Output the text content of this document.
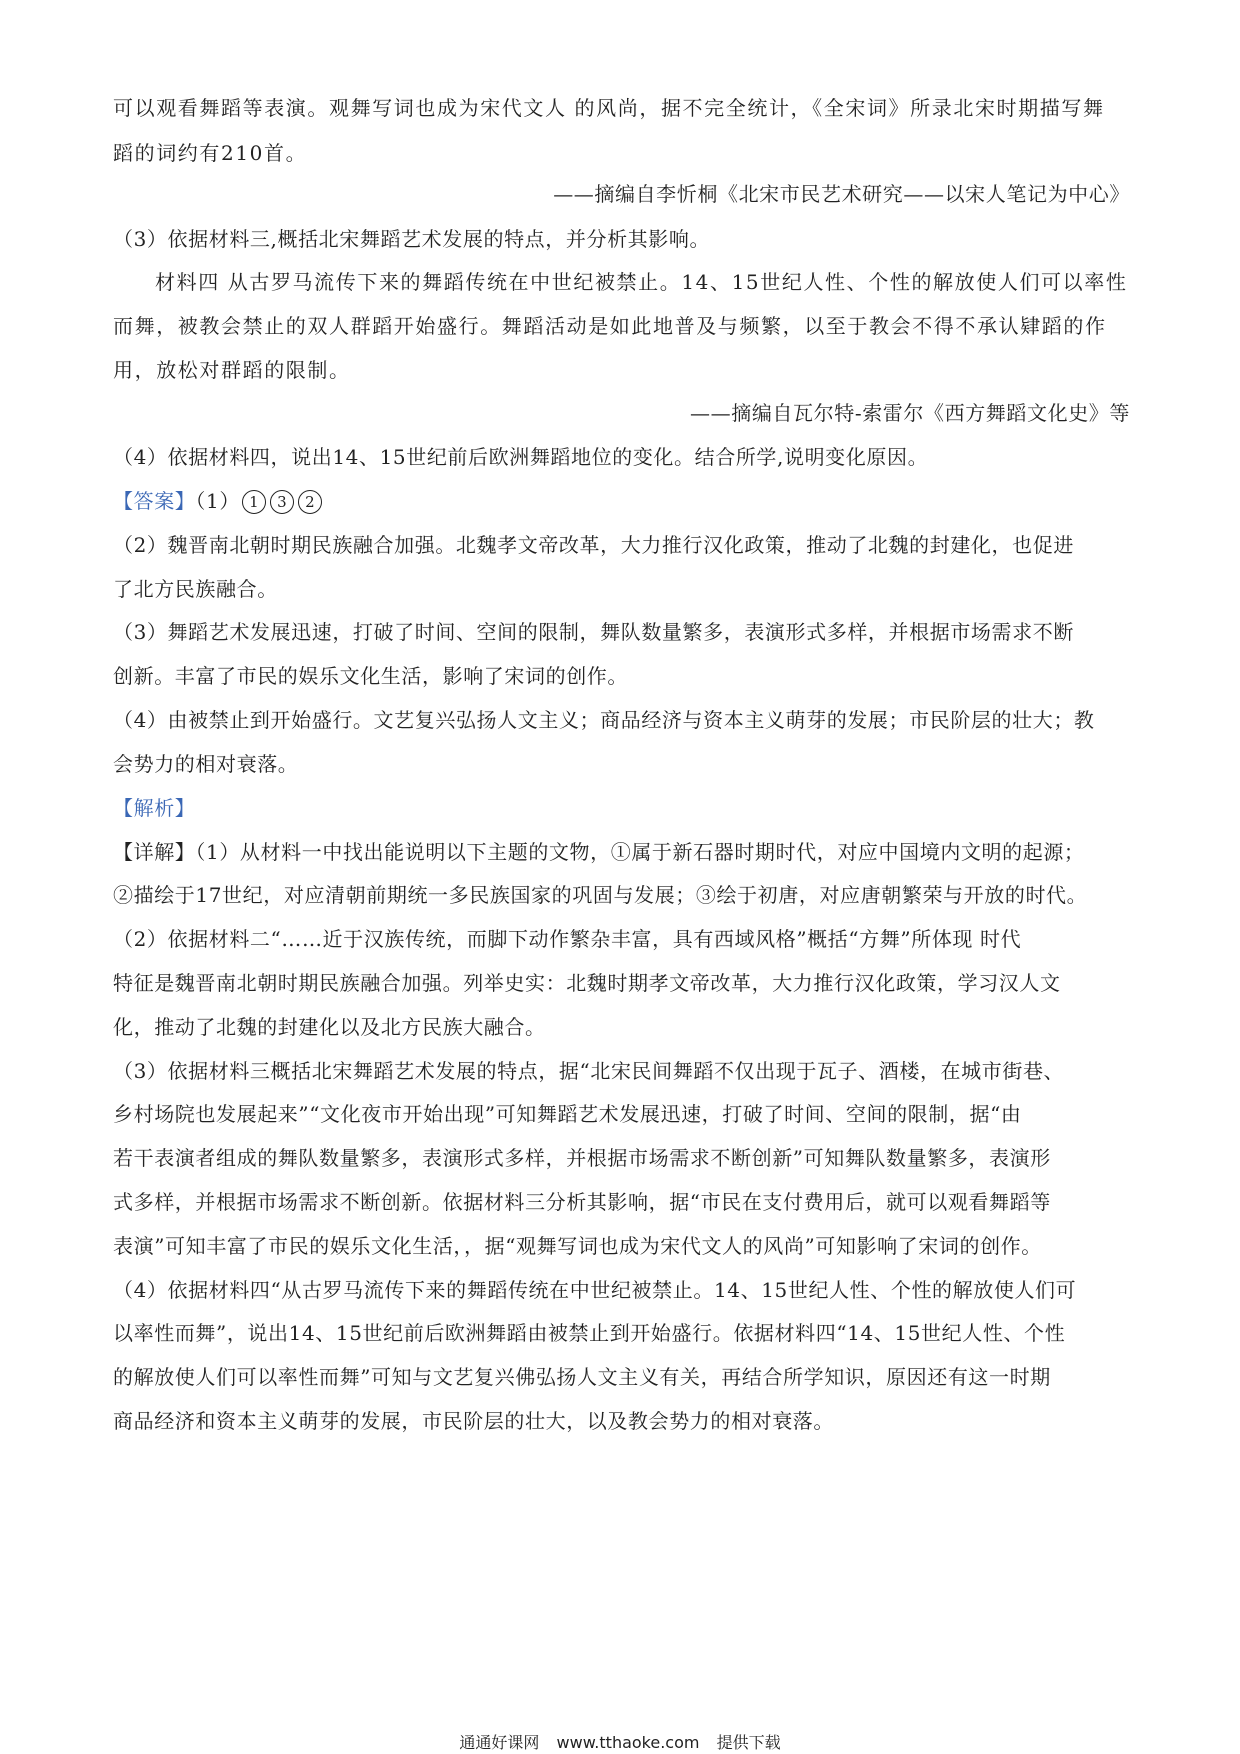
可以观看舞蹈等表演。观舞写词也成为宋代文人 的风尚，据不完全统计，《全宋词》所录北宋时期描写舞
蹈的词约有210首。
——摘编自李忻桐《北宋市民艺术研究——以宋人笔记为中心》
（3）依据材料三,概括北宋舞蹈艺术发展的特点，并分析其影响。
材料四 从古罗马流传下来的舞蹈传统在中世纪被禁止。14、15世纪人性、个性的解放使人们可以率性
而舞，被教会禁止的双人群蹈开始盛行。舞蹈活动是如此地普及与频繁，以至于教会不得不承认肄蹈的作
用，放松对群蹈的限制。
——摘编自瓦尔特-索雷尔《西方舞蹈文化史》等
（4）依据材料四，说出14、15世纪前后欧洲舞蹈地位的变化。结合所学,说明变化原因。
【答案】（1） 1 3 2
（2）魏晋南北朝时期民族融合加强。北魏孝文帝改革，大力推行汉化政策，推动了北魏的封建化，也促进
了北方民族融合。
（3）舞蹈艺术发展迅速，打破了时间、空间的限制，舞队数量繁多，表演形式多样，并根据市场需求不断
创新。丰富了市民的娱乐文化生活，影响了宋词的创作。
（4）由被禁止到开始盛行。文艺复兴弘扬人文主义；商品经济与资本主义萌芽的发展；市民阶层的壮大；教
会势力的相对衰落。
【解析】
【详解】（1）从材料一中找出能说明以下主题的文物，①属于新石器时期时代，对应中国境内文明的起源；
②描绘于17世纪，对应清朝前期统一多民族国家的巩固与发展；③绘于初唐，对应唐朝繁荣与开放的时代。
（2）依据材料二“……近于汉族传统，而脚下动作繁杂丰富，具有西域风格”概括“方舞”所体现 时代
特征是魏晋南北朝时期民族融合加强。列举史实：北魏时期孝文帝改革，大力推行汉化政策，学习汉人文
化，推动了北魏的封建化以及北方民族大融合。
（3）依据材料三概括北宋舞蹈艺术发展的特点，据“北宋民间舞蹈不仅出现于瓦子、酒楼，在城市街巷、
乡村场院也发展起来”“文化夜市开始出现”可知舞蹈艺术发展迅速，打破了时间、空间的限制，据“由
若干表演者组成的舞队数量繁多，表演形式多样，并根据市场需求不断创新”可知舞队数量繁多，表演形
式多样，并根据市场需求不断创新。依据材料三分析其影响，据“市民在支付费用后，就可以观看舞蹈等
表演”可知丰富了市民的娱乐文化生活，，据“观舞写词也成为宋代文人的风尚”可知影响了宋词的创作。
（4）依据材料四“从古罗马流传下来的舞蹈传统在中世纪被禁止。14、15世纪人性、个性的解放使人们可
以率性而舞”，说出14、15世纪前后欧洲舞蹈由被禁止到开始盛行。依据材料四“14、15世纪人性、个性
的解放使人们可以率性而舞”可知与文艺复兴佛弘扬人文主义有关，再结合所学知识，原因还有这一时期
商品经济和资本主义萌芽的发展，市民阶层的壮大，以及教会势力的相对衰落。
通通好课网 www.tthaoke.com 提供下载
